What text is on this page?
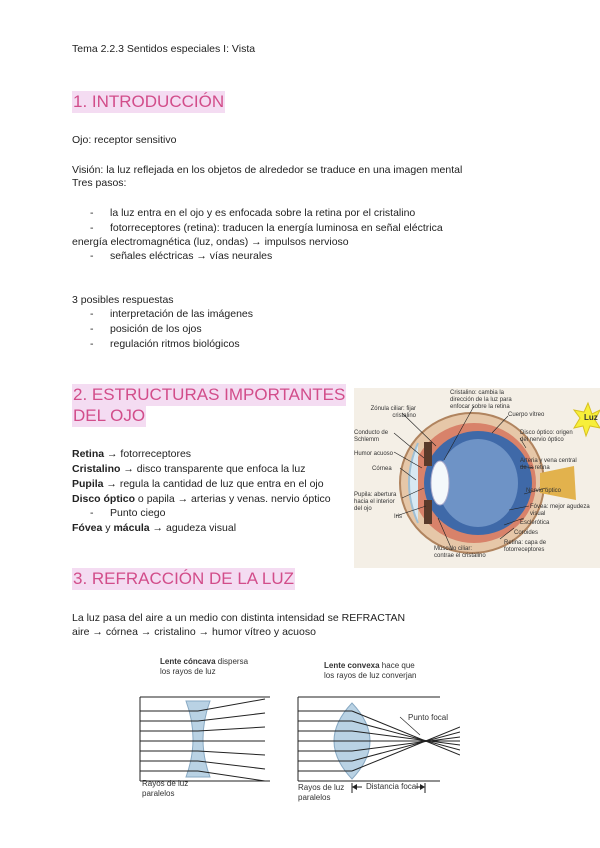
Tema 2.2.3 Sentidos especiales I: Vista
1. INTRODUCCIÓN
Ojo: receptor sensitivo
Visión: la luz reflejada en los objetos de alrededor se traduce en una imagen mental
Tres pasos:
- la luz entra en el ojo y es enfocada sobre la retina por el cristalino
- fotorreceptores (retina): traducen la energía luminosa en señal eléctrica
energía electromagnética (luz, ondas) → impulsos nervioso
- señales eléctricas → vías neurales
3 posibles respuestas
- interpretación de las imágenes
- posición de los ojos
- regulación ritmos biológicos
2. ESTRUCTURAS IMPORTANTES
DEL OJO
Retina → fotorreceptores
Cristalino → disco transparente que enfoca la luz
Pupila → regula la cantidad de luz que entra en el ojo
Disco óptico o papila → arterias y venas. nervio óptico
- Punto ciego
Fóvea y mácula → agudeza visual
Zónula ciliar: fijar cristalino
Conducto de Schlemm
Humor acuoso
Córnea
Pupila: abertura hacia el interior del ojo
Iris
Músculo ciliar: contrae el cristalino
Cristalino: cambia la dirección de la luz para enfocar sobre la retina
Cuerpo vítreo
Disco óptico: origen del nervio óptico
Arteria y vena central de la retina
Nervio óptico
Fóvea: mejor agudeza visual
Esclerótica
Coroides
Retina: capa de fotorreceptores
Luz
3. REFRACCIÓN DE LA LUZ
La luz pasa del aire a un medio con distinta intensidad se REFRACTAN
aire → córnea → cristalino → humor vítreo y acuoso
Lente cóncava dispersa
los rayos de luz
Rayos de luz
paralelos
Lente convexa hace que
los rayos de luz converjan
Punto focal
Distancia focal
Rayos de luz
paralelos
